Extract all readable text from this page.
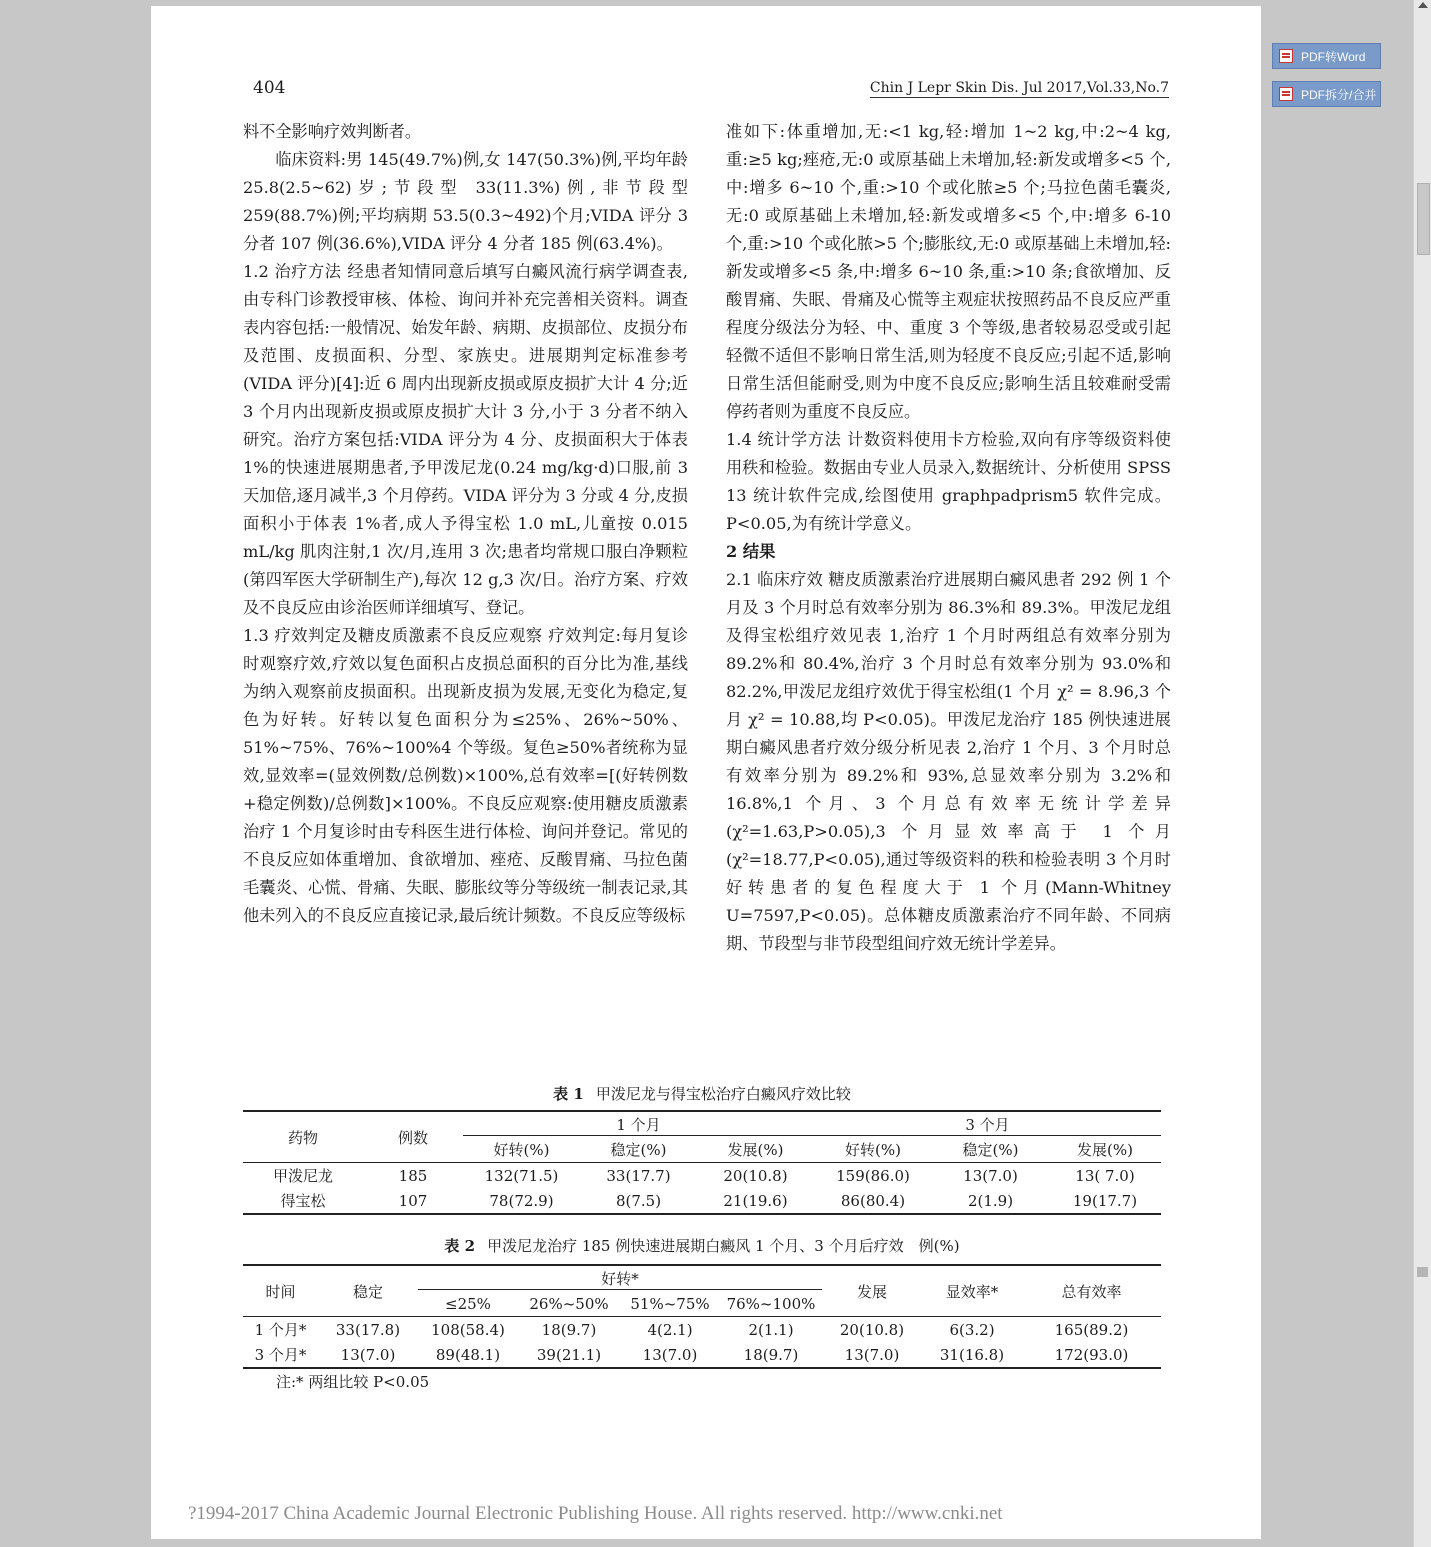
404	Chin J Lepr Skin Dis. Jul 2017,Vol.33,No.7

料不全影响疗效判断者。

临床资料:男 145(49.7%)例,女 147(50.3%)例,平均年龄 25.8(2.5~62)岁;节段型 33(11.3%)例,非节段型 259(88.7%)例;平均病期 53.5(0.3~492)个月;VIDA 评分 3 分者 107 例(36.6%),VIDA 评分 4 分者 185 例(63.4%)。

1.2 治疗方法 经患者知情同意后填写白癜风流行病学调查表,由专科门诊教授审核、体检、询问并补充完善相关资料。调查表内容包括:一般情况、始发年龄、病期、皮损部位、皮损分布及范围、皮损面积、分型、家族史。进展期判定标准参考(VIDA 评分)[4]:近 6 周内出现新皮损或原皮损扩大计 4 分;近 3 个月内出现新皮损或原皮损扩大计 3 分,小于 3 分者不纳入研究。治疗方案包括:VIDA 评分为 4 分、皮损面积大于体表 1%的快速进展期患者,予甲泼尼龙(0.24 mg/kg·d)口服,前 3 天加倍,逐月减半,3 个月停药。VIDA 评分为 3 分或 4 分,皮损面积小于体表 1%者,成人予得宝松 1.0 mL,儿童按 0.015 mL/kg 肌肉注射,1 次/月,连用 3 次;患者均常规口服白净颗粒(第四军医大学研制生产),每次 12 g,3 次/日。治疗方案、疗效及不良反应由诊治医师详细填写、登记。

1.3 疗效判定及糖皮质激素不良反应观察 疗效判定:每月复诊时观察疗效,疗效以复色面积占皮损总面积的百分比为准,基线为纳入观察前皮损面积。出现新皮损为发展,无变化为稳定,复色为好转。好转以复色面积分为≤25%、26%~50%、51%~75%、76%~100%4 个等级。复色≥50%者统称为显效,显效率=(显效例数/总例数)×100%,总有效率=[(好转例数+稳定例数)/总例数]×100%。不良反应观察:使用糖皮质激素治疗 1 个月复诊时由专科医生进行体检、询问并登记。常见的不良反应如体重增加、食欲增加、痤疮、反酸胃痛、马拉色菌毛囊炎、心慌、骨痛、失眠、膨胀纹等分等级统一制表记录,其他未列入的不良反应直接记录,最后统计频数。不良反应等级标

准如下:体重增加,无:<1 kg,轻:增加 1~2 kg,中:2~4 kg,重:≥5 kg;痤疮,无:0 或原基础上未增加,轻:新发或增多<5 个,中:增多 6~10 个,重:>10 个或化脓≥5 个;马拉色菌毛囊炎,无:0 或原基础上未增加,轻:新发或增多<5 个,中:增多 6-10 个,重:>10 个或化脓>5 个;膨胀纹,无:0 或原基础上未增加,轻:新发或增多<5 条,中:增多 6~10 条,重:>10 条;食欲增加、反酸胃痛、失眠、骨痛及心慌等主观症状按照药品不良反应严重程度分级法分为轻、中、重度 3 个等级,患者较易忍受或引起轻微不适但不影响日常生活,则为轻度不良反应;引起不适,影响日常生活但能耐受,则为中度不良反应;影响生活且较难耐受需停药者则为重度不良反应。

1.4 统计学方法 计数资料使用卡方检验,双向有序等级资料使用秩和检验。数据由专业人员录入,数据统计、分析使用 SPSS 13 统计软件完成,绘图使用 graphpadprism5 软件完成。P<0.05,为有统计学意义。

2 结果

2.1 临床疗效 糖皮质激素治疗进展期白癜风患者 292 例 1 个月及 3 个月时总有效率分别为 86.3%和 89.3%。甲泼尼龙组及得宝松组疗效见表 1,治疗 1 个月时两组总有效率分别为 89.2%和 80.4%,治疗 3 个月时总有效率分别为 93.0%和 82.2%,甲泼尼龙组疗效优于得宝松组(1 个月 χ² = 8.96,3 个月 χ² = 10.88,均 P<0.05)。甲泼尼龙治疗 185 例快速进展期白癜风患者疗效分级分析见表 2,治疗 1 个月、3 个月时总有效率分别为 89.2%和 93%,总显效率分别为 3.2%和 16.8%,1 个月、3 个月总有效率无统计学差异(χ²=1.63,P>0.05),3 个月显效率高于 1 个月(χ²=18.77,P<0.05),通过等级资料的秩和检验表明 3 个月时好转患者的复色程度大于 1 个月(Mann-Whitney U=7597,P<0.05)。总体糖皮质激素治疗不同年龄、不同病期、节段型与非节段型组间疗效无统计学差异。

表 1 甲泼尼龙与得宝松治疗白癜风疗效比较
药物	例数	1 个月			3 个月		

		好转(%)	稳定(%)	发展(%)	好转(%)	稳定(%)	发展(%)
甲泼尼龙	185	132(71.5)	33(17.7)	20(10.8)	159(86.0)	13(7.0)	13( 7.0)
得宝松	107	78(72.9)	8(7.5)	21(19.6)	86(80.4)	2(1.9)	19(17.7)
表 2 甲泼尼龙治疗 185 例快速进展期白癜风 1 个月、3 个月后疗效　例(%)
时间	稳定	好转*				发展	显效率*	总有效率
		≤25%	26%~50%	51%~75%	76%~100%			
1 个月*	33(17.8)	108(58.4)	18(9.7)	4(2.1)	2(1.1)	20(10.8)	6(3.2)	165(89.2)
3 个月*	13(7.0)	89(48.1)	39(21.1)	13(7.0)	18(9.7)	13(7.0)	31(16.8)	172(93.0)
注:* 两组比较 P<0.05
?1994-2017 China Academic Journal Electronic Publishing House. All rights reserved. http://www.cnki.net
PDF转Word
PDF拆分/合并
